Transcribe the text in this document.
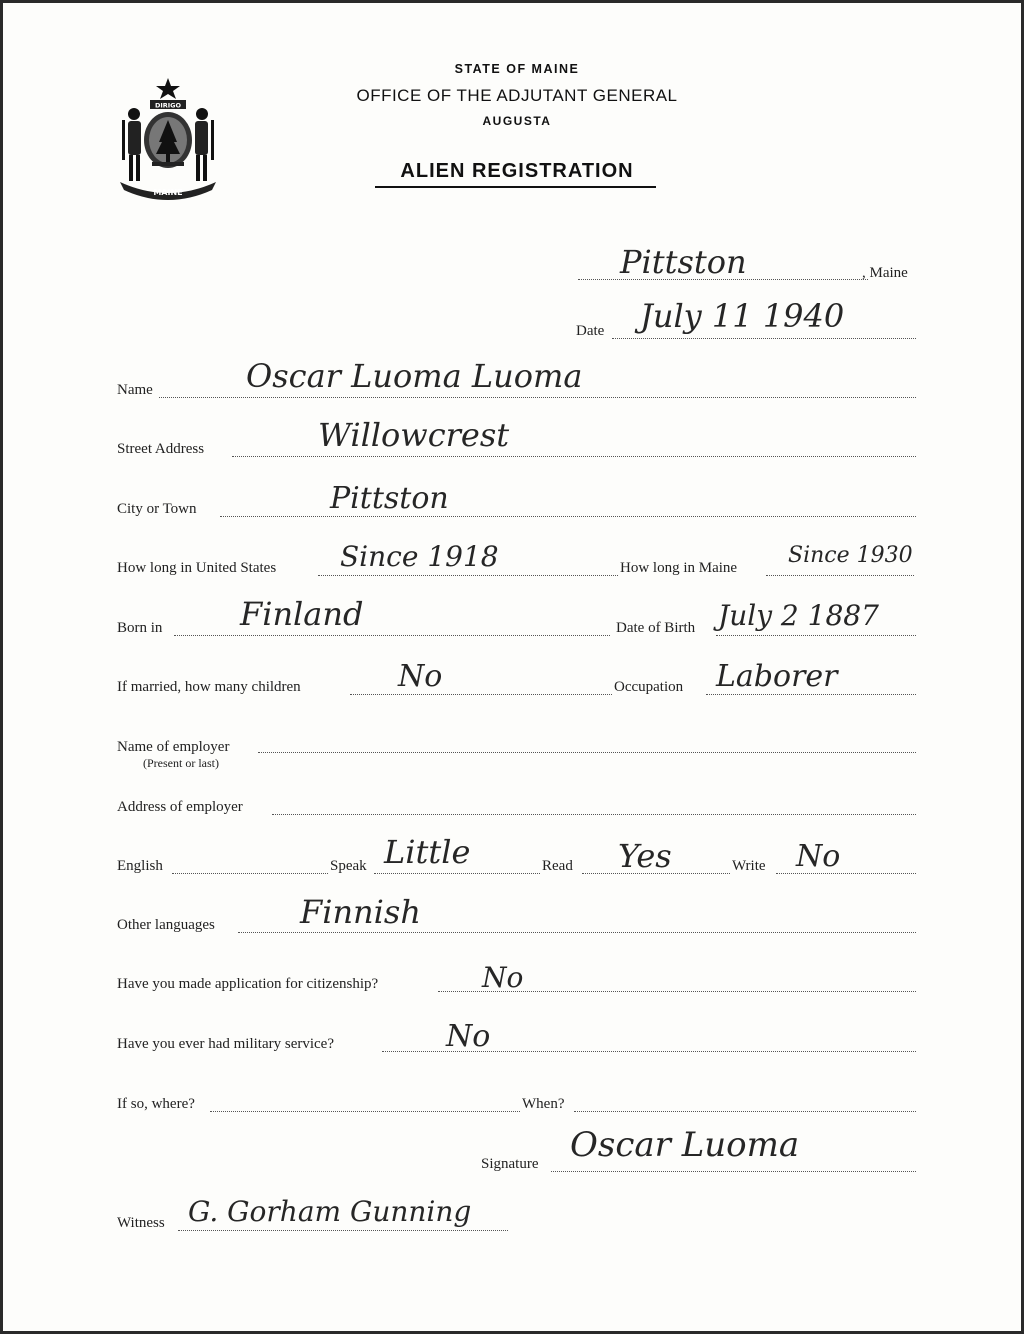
DIRIGO
MAINE
STATE OF MAINE
OFFICE OF THE ADJUTANT GENERAL
AUGUSTA
ALIEN REGISTRATION
Pittston	, Maine
Date July 11 1940
Name	Oscar Luoma Luoma
Street Address	Willowcrest
City or Town	Pittston
How long in United States Since 1918	How long in Maine Since 1930
Born in Finland	Date of Birth July 2 1887
If married, how many children	No	Occupation Laborer
Name of employer
(Present or last)
Address of employer
English	Speak Little	Read Yes	Write No
Other languages	Finnish
Have you made application for citizenship?	No
Have you ever had military service?	No
If so, where?	When?
Signature Oscar Luoma
Witness G. Gorham Gunning
